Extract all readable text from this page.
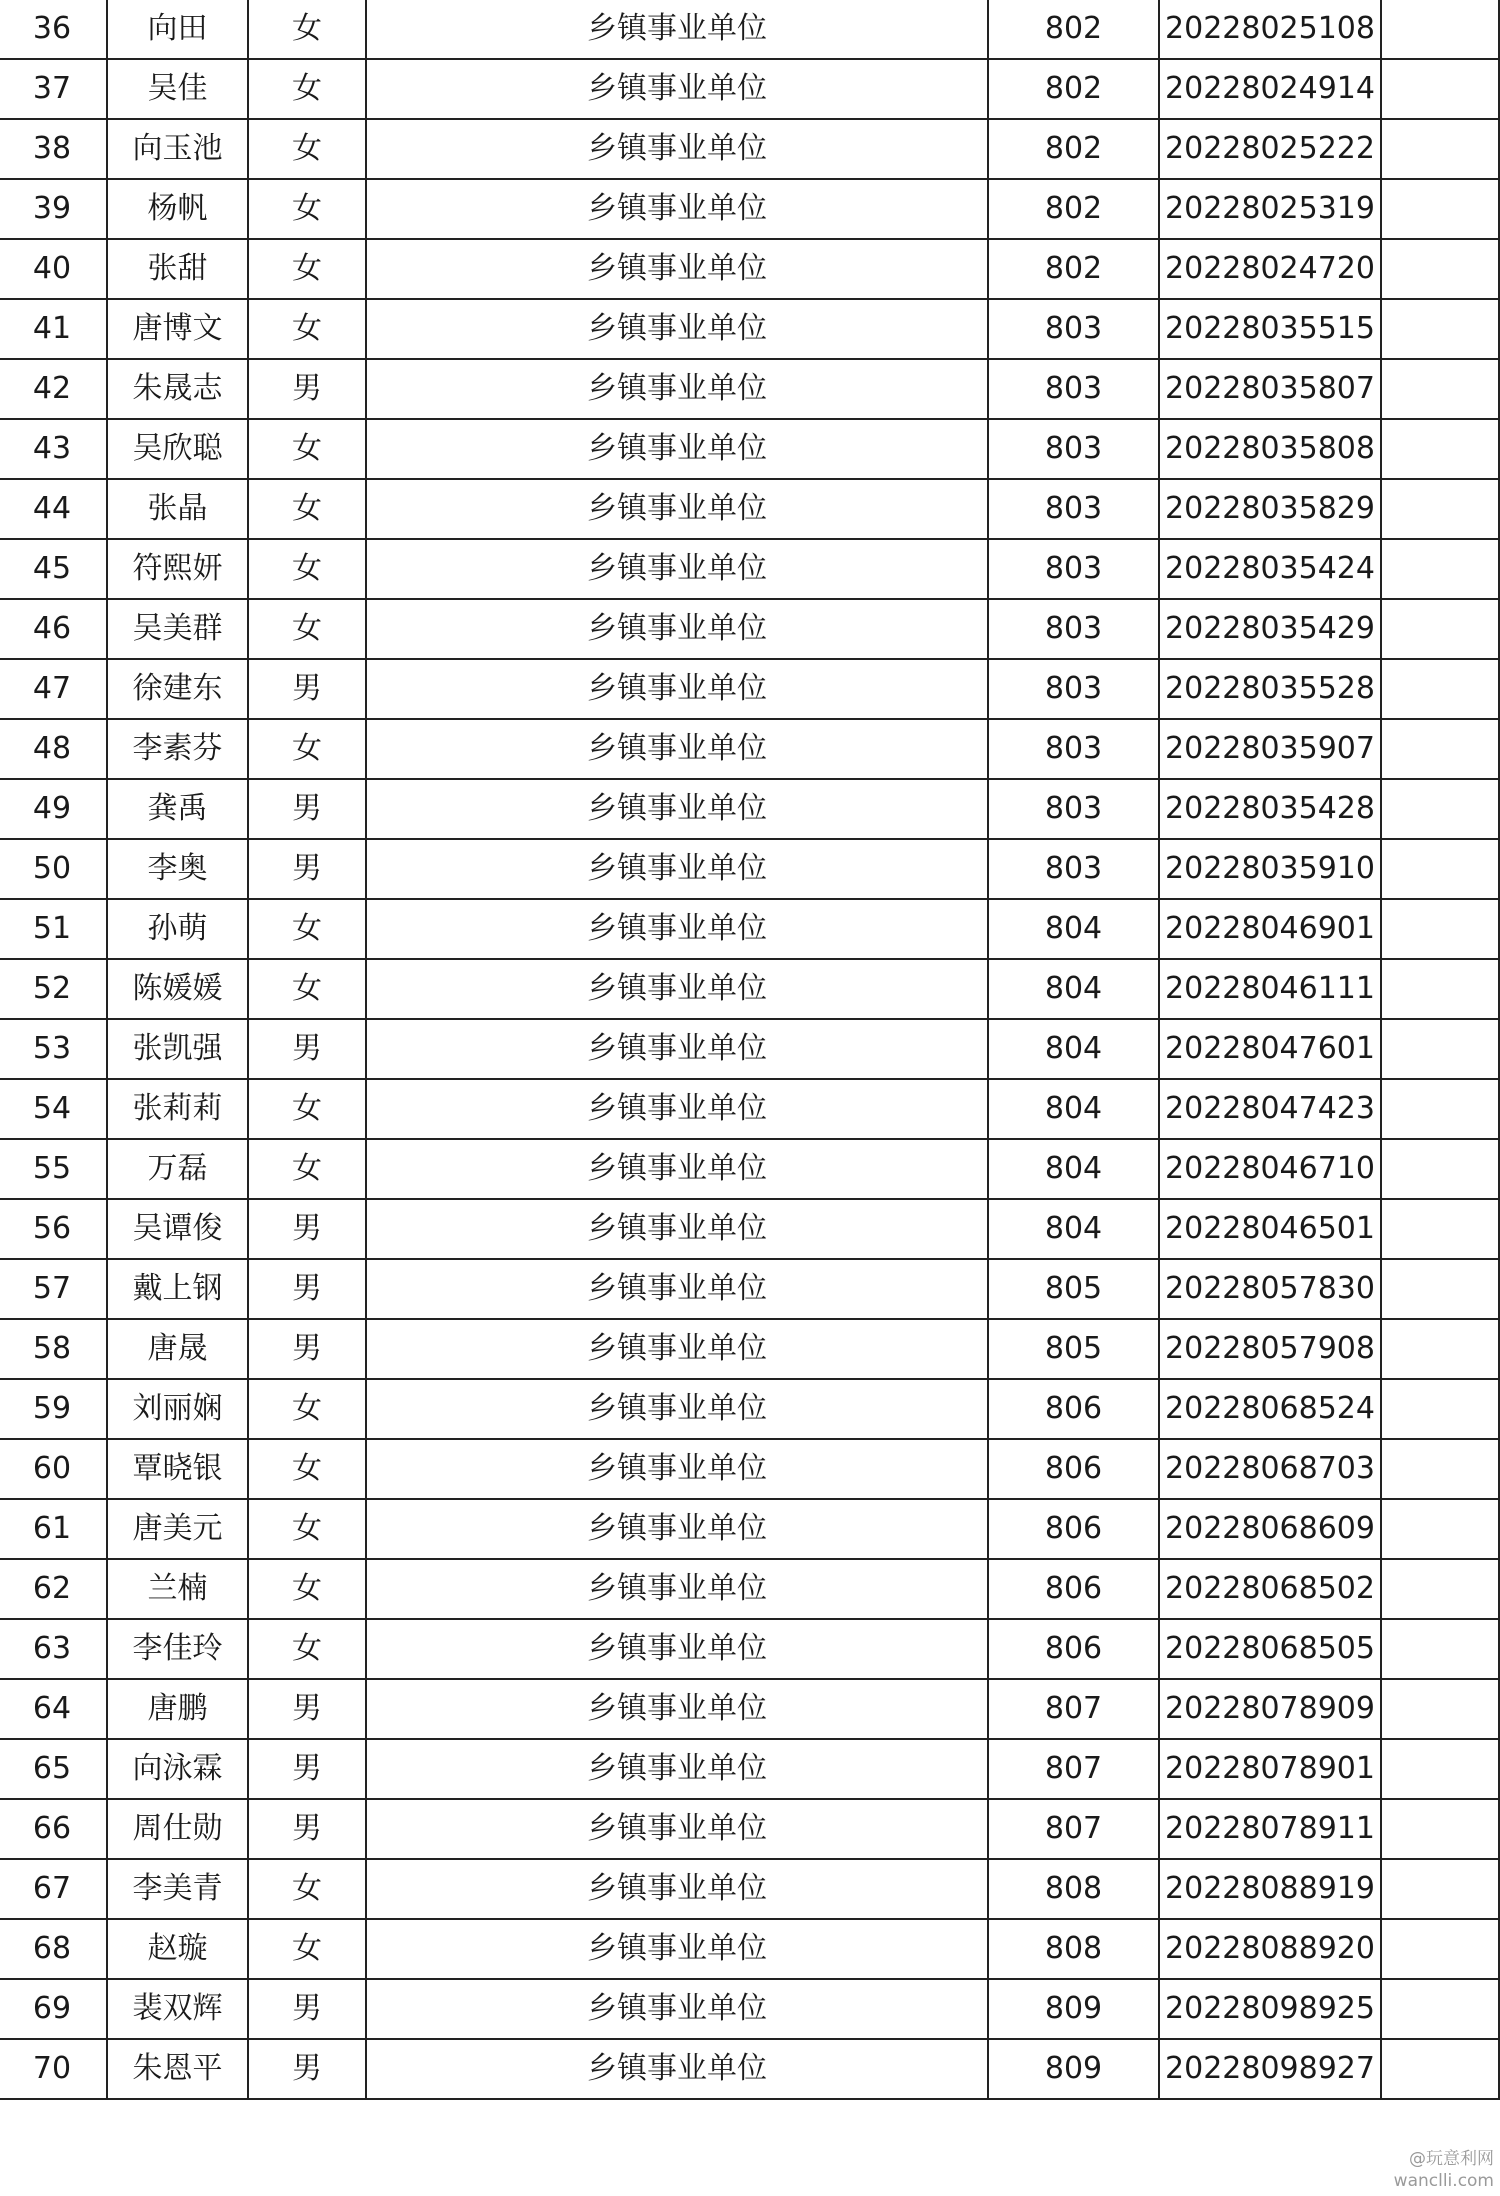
36	向田	女	乡镇事业单位	802	20228025108	
37	吴佳	女	乡镇事业单位	802	20228024914	
38	向玉池	女	乡镇事业单位	802	20228025222	
39	杨帆	女	乡镇事业单位	802	20228025319	
40	张甜	女	乡镇事业单位	802	20228024720	
41	唐博文	女	乡镇事业单位	803	20228035515	
42	朱晟志	男	乡镇事业单位	803	20228035807	
43	吴欣聪	女	乡镇事业单位	803	20228035808	
44	张晶	女	乡镇事业单位	803	20228035829	
45	符熙妍	女	乡镇事业单位	803	20228035424	
46	吴美群	女	乡镇事业单位	803	20228035429	
47	徐建东	男	乡镇事业单位	803	20228035528	
48	李素芬	女	乡镇事业单位	803	20228035907	
49	龚禹	男	乡镇事业单位	803	20228035428	
50	李奥	男	乡镇事业单位	803	20228035910	
51	孙萌	女	乡镇事业单位	804	20228046901	
52	陈媛媛	女	乡镇事业单位	804	20228046111	
53	张凯强	男	乡镇事业单位	804	20228047601	
54	张莉莉	女	乡镇事业单位	804	20228047423	
55	万磊	女	乡镇事业单位	804	20228046710	
56	吴谭俊	男	乡镇事业单位	804	20228046501	
57	戴上钢	男	乡镇事业单位	805	20228057830	
58	唐晟	男	乡镇事业单位	805	20228057908	
59	刘丽娴	女	乡镇事业单位	806	20228068524	
60	覃晓银	女	乡镇事业单位	806	20228068703	
61	唐美元	女	乡镇事业单位	806	20228068609	
62	兰楠	女	乡镇事业单位	806	20228068502	
63	李佳玲	女	乡镇事业单位	806	20228068505	
64	唐鹏	男	乡镇事业单位	807	20228078909	
65	向泳霖	男	乡镇事业单位	807	20228078901	
66	周仕勋	男	乡镇事业单位	807	20228078911	
67	李美青	女	乡镇事业单位	808	20228088919	
68	赵璇	女	乡镇事业单位	808	20228088920	
69	裴双辉	男	乡镇事业单位	809	20228098925	
70	朱恩平	男	乡镇事业单位	809	20228098927	
@玩意利网
wanclli.com
